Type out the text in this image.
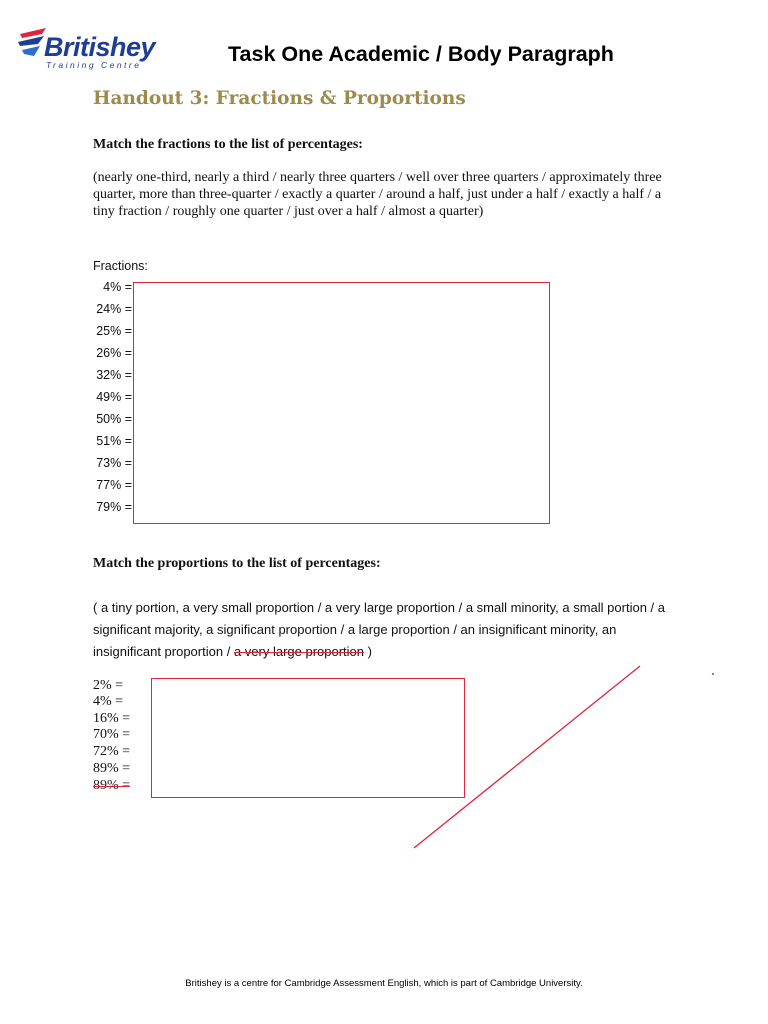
Britishey
Training Centre	Task One Academic / Body Paragraph
Handout 3: Fractions & Proportions
Match the fractions to the list of percentages:
(nearly one-third, nearly a third / nearly three quarters / well over three quarters / approximately three quarter, more than three-quarter / exactly a quarter / around a half, just under a half / exactly a half / a tiny fraction / roughly one quarter / just over a half / almost a quarter)
Fractions:
4% =
24% =
25% =
26% =
32% =
49% =
50% =
51% =
73% =
77% =
79% =
Match the proportions to the list of percentages:
( a tiny portion, a very small proportion / a very large proportion / a small minority, a small portion / a significant majority, a significant proportion / a large proportion / an insignificant minority, an insignificant proportion / a very large proportion )
2% =
4% =
16% =
70% =
72% =
89% =
89% =
Britishey is a centre for Cambridge Assessment English, which is part of Cambridge University.
